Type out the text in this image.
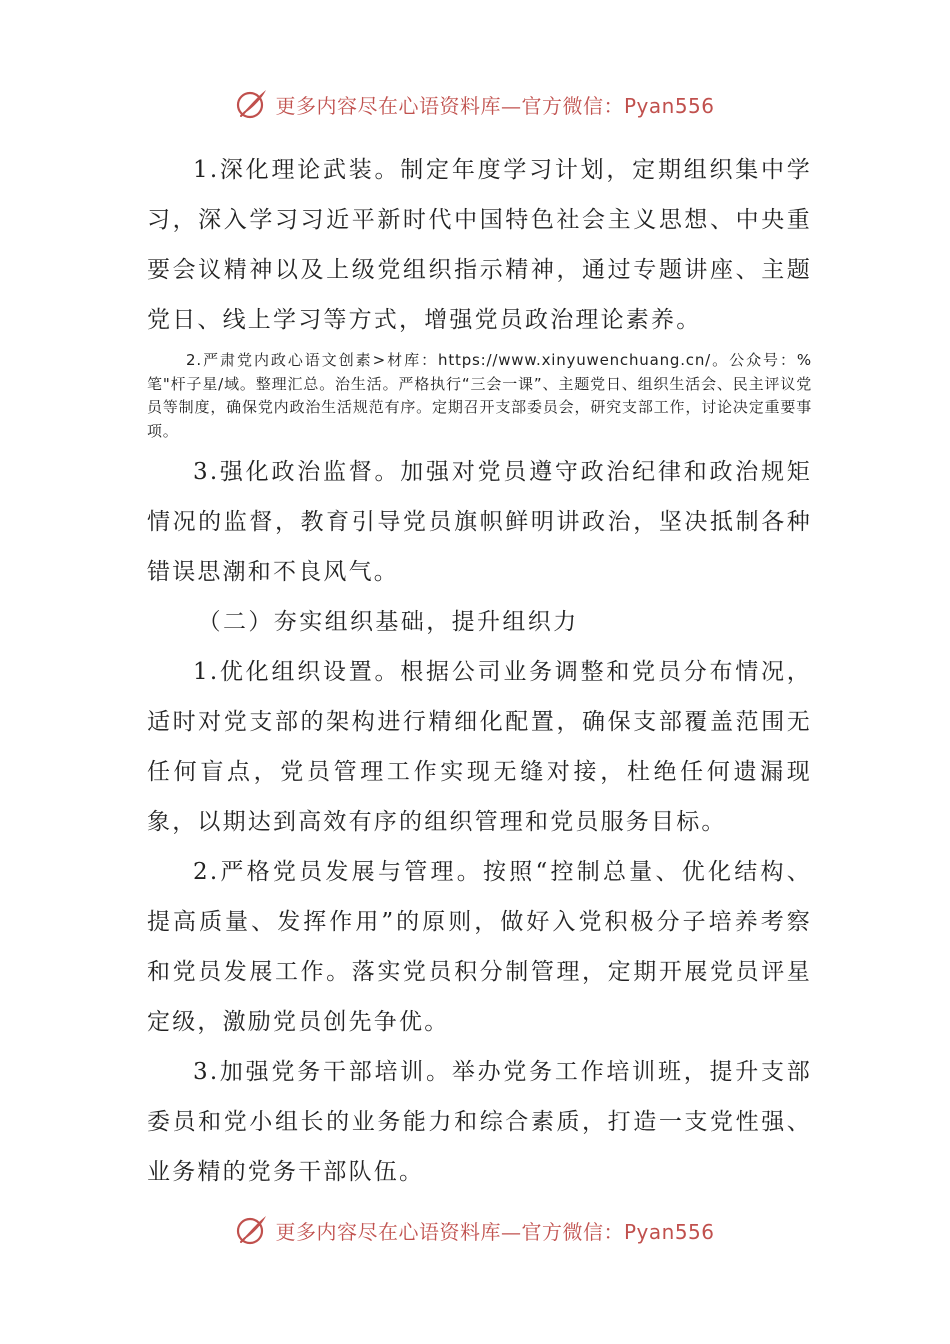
更多内容尽在心语资料库—官方微信：Pyan556

1.深化理论武装。制定年度学习计划，定期组织集中学习，深入学习习近平新时代中国特色社会主义思想、中央重要会议精神以及上级党组织指示精神，通过专题讲座、主题党日、线上学习等方式，增强党员政治理论素养。

2.严肃党内政心语文创素>材库：https://www.xinyuwenchuang.cn/。公众号：%笔"杆子星/域。整理汇总。治生活。严格执行“三会一课”、主题党日、组织生活会、民主评议党员等制度，确保党内政治生活规范有序。定期召开支部委员会，研究支部工作，讨论决定重要事项。

3.强化政治监督。加强对党员遵守政治纪律和政治规矩情况的监督，教育引导党员旗帜鲜明讲政治，坚决抵制各种错误思潮和不良风气。

（二）夯实组织基础，提升组织力

1.优化组织设置。根据公司业务调整和党员分布情况，适时对党支部的架构进行精细化配置，确保支部覆盖范围无任何盲点，党员管理工作实现无缝对接，杜绝任何遗漏现象，以期达到高效有序的组织管理和党员服务目标。

2.严格党员发展与管理。按照“控制总量、优化结构、提高质量、发挥作用”的原则，做好入党积极分子培养考察和党员发展工作。落实党员积分制管理，定期开展党员评星定级，激励党员创先争优。

3.加强党务干部培训。举办党务工作培训班，提升支部委员和党小组长的业务能力和综合素质，打造一支党性强、业务精的党务干部队伍。

更多内容尽在心语资料库—官方微信：Pyan556
